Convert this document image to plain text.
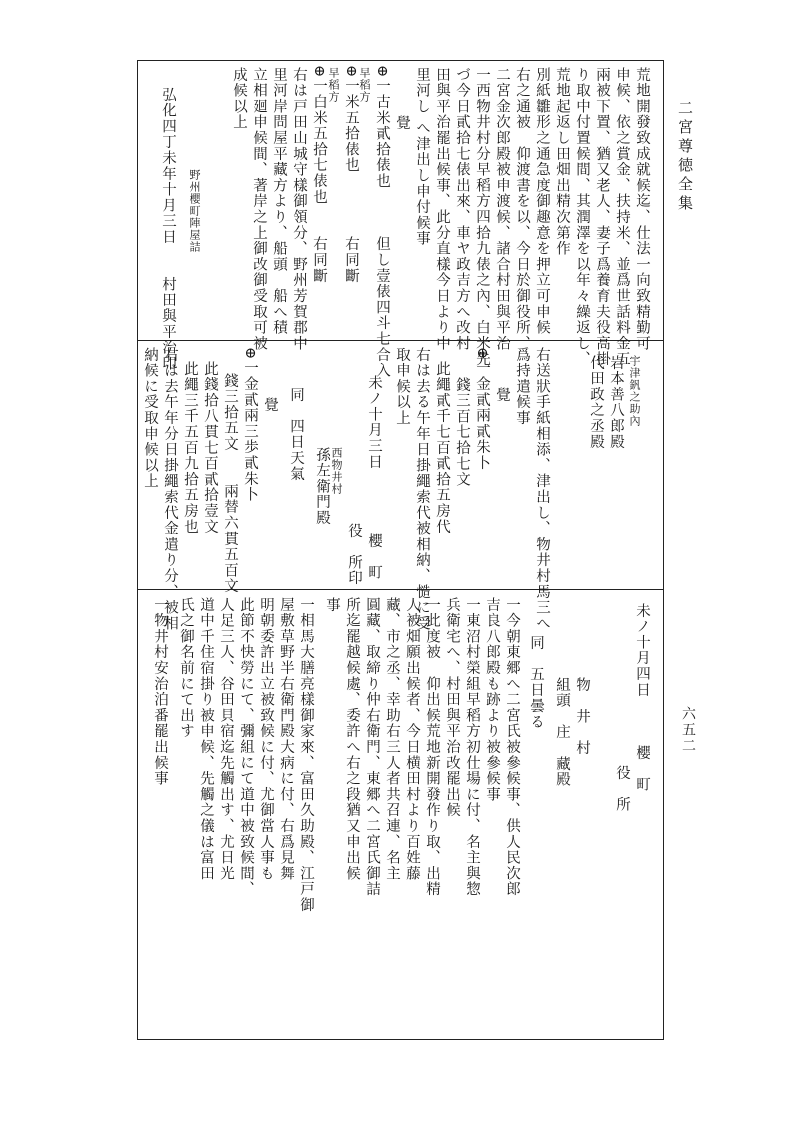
二宮尊徳全集
六五二
荒地開發致成就候迄、仕法一向致精勤可
申候、依之賞金、扶持米、並爲世話料金五
兩被下置、猶又老人、妻子爲養育夫役高掛
り取中付置候間、其潤澤を以年々繰返し、
荒地起返し田畑出精次第作
別紙雛形之通急度御趣意を押立可申候
右之通被　仰渡書を以、今日於御役所、
二宮金次郎殿被申渡候、諸合村田與平治
一西物井村分早稻方四拾九俵之內、白米先
づ今日貳拾七俵出來、車ヤ政吉方へ改村
田與平治罷出候事、此分直樣今日より中
里河し へ津出し申付候事
覺
⊕一古米貳拾俵也　　　但し壹俵四斗七合入
早稻方
⊕一米五拾俵也　　　　右同斷
早稻方
⊕一白米五拾七俵也　　右同斷
右は戸田山城守樣御領分、野州芳賀郡中
里河岸問屋平藏方より、船頭　船へ積
立相廻申候間、著岸之上御改御受取可被
成候以上
野州櫻町陣屋詰
弘化四丁未年十月三日　　村田與平治印
宇津釩之助內
岩本善八郎殿
代田政之丞殿
右送狀手紙相添、津出し、物井村馬三へ
爲持遣候事
覺
⊕一金貳兩貳朱卜
錢三百七拾七文
此繩貳千七百貳拾五房代
右は去る午年日掛繩索代被相納、慥に受
取申候以上
未ノ十月三日　　　　櫻　町
役　所印
西物井村
孫左衛門殿
同　四日天氣
覺
⊕一金貳兩三歩貳朱卜
錢三拾五文　　兩替六貫五百文
此錢拾八貫七百貳拾壹文
此繩三千五百九拾五房也
右は去午年分日掛繩索代金遣り分、被相
納候に受取申候以上
未ノ十月四日　　　櫻　町
役　所
物　井　村
組頭　庄　藏殿
同　五日曇る
一今朝東郷へ二宮氏被參候事、供人民次郎
吉良八郎殿も跡より被參候事
一東沼村榮組早稻方初仕場に付、名主與惣
兵衛宅へ、村田與平治改罷出候
一此度被　仰出候荒地新開發作り取、出精
人被畑願出候者、今日横田村より百姓藤
藏、市之丞、幸助右三人者共召連、名主
圓藏、取締り仲右衛門、東郷へ二宮氏御詰
所迄罷越候處、委許へ右之段猶又申出候
事
一相馬大膳亮樣御家來、富田久助殿、江戸御
屋敷草野半右衛門殿大病に付、右爲見舞
明朝委許出立被致候に付、尤御當人事も
此節不快勞にて、彌組にて道中被致候間、
人足三人、谷田貝宿迄先觸出す、尤日光
道中千住宿掛り被申候、先觸之儀は富田
氏之御名前にて出す
一物井村安治泊番罷出候事
